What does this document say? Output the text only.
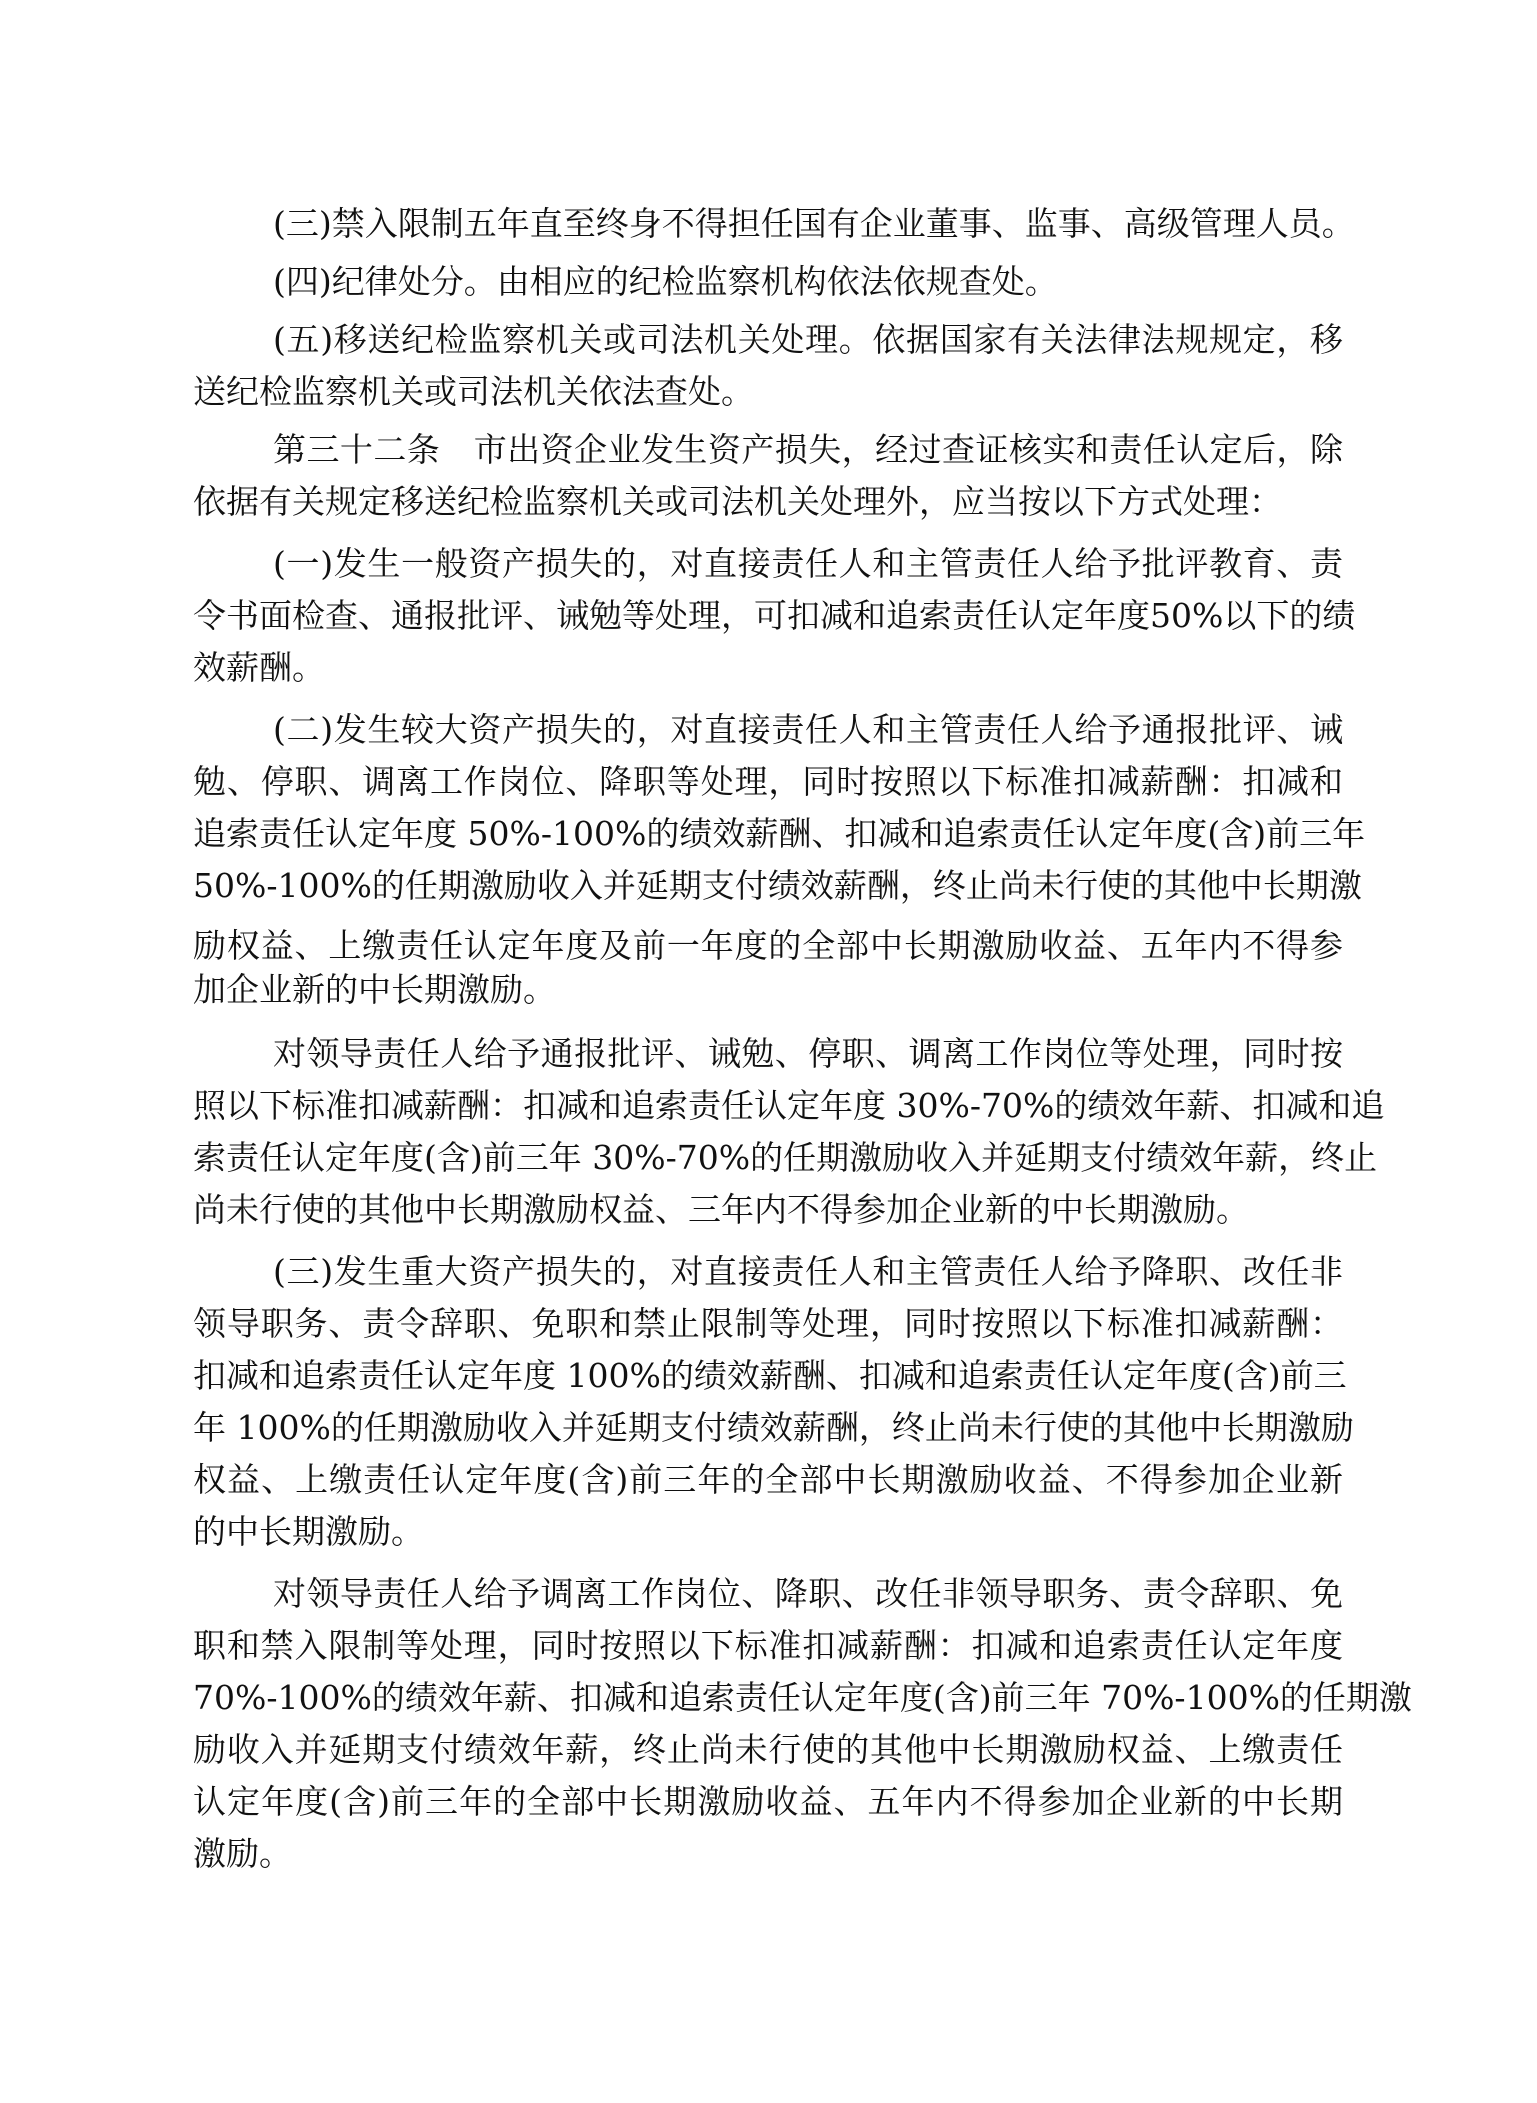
(三)禁入限制五年直至终身不得担任国有企业董事、监事、高级管理人员。
(四)纪律处分。由相应的纪检监察机构依法依规查处。
(五)移送纪检监察机关或司法机关处理。依据国家有关法律法规规定，移
送纪检监察机关或司法机关依法查处。
第三十二条　市出资企业发生资产损失，经过查证核实和责任认定后，除
依据有关规定移送纪检监察机关或司法机关处理外，应当按以下方式处理：
(一)发生一般资产损失的，对直接责任人和主管责任人给予批评教育、责
令书面检查、通报批评、诫勉等处理，可扣减和追索责任认定年度50%以下的绩
效薪酬。
(二)发生较大资产损失的，对直接责任人和主管责任人给予通报批评、诫
勉、停职、调离工作岗位、降职等处理，同时按照以下标准扣减薪酬：扣减和
追索责任认定年度 50%-100%的绩效薪酬、扣减和追索责任认定年度(含)前三年
50%-100%的任期激励收入并延期支付绩效薪酬，终止尚未行使的其他中长期激
励权益、上缴责任认定年度及前一年度的全部中长期激励收益、五年内不得参
加企业新的中长期激励。
对领导责任人给予通报批评、诫勉、停职、调离工作岗位等处理，同时按
照以下标准扣减薪酬：扣减和追索责任认定年度 30%-70%的绩效年薪、扣减和追
索责任认定年度(含)前三年 30%-70%的任期激励收入并延期支付绩效年薪，终止
尚未行使的其他中长期激励权益、三年内不得参加企业新的中长期激励。
(三)发生重大资产损失的，对直接责任人和主管责任人给予降职、改任非
领导职务、责令辞职、免职和禁止限制等处理，同时按照以下标准扣减薪酬：
扣减和追索责任认定年度 100%的绩效薪酬、扣减和追索责任认定年度(含)前三
年 100%的任期激励收入并延期支付绩效薪酬，终止尚未行使的其他中长期激励
权益、上缴责任认定年度(含)前三年的全部中长期激励收益、不得参加企业新
的中长期激励。
对领导责任人给予调离工作岗位、降职、改任非领导职务、责令辞职、免
职和禁入限制等处理，同时按照以下标准扣减薪酬：扣减和追索责任认定年度
70%-100%的绩效年薪、扣减和追索责任认定年度(含)前三年 70%-100%的任期激
励收入并延期支付绩效年薪，终止尚未行使的其他中长期激励权益、上缴责任
认定年度(含)前三年的全部中长期激励收益、五年内不得参加企业新的中长期
激励。
